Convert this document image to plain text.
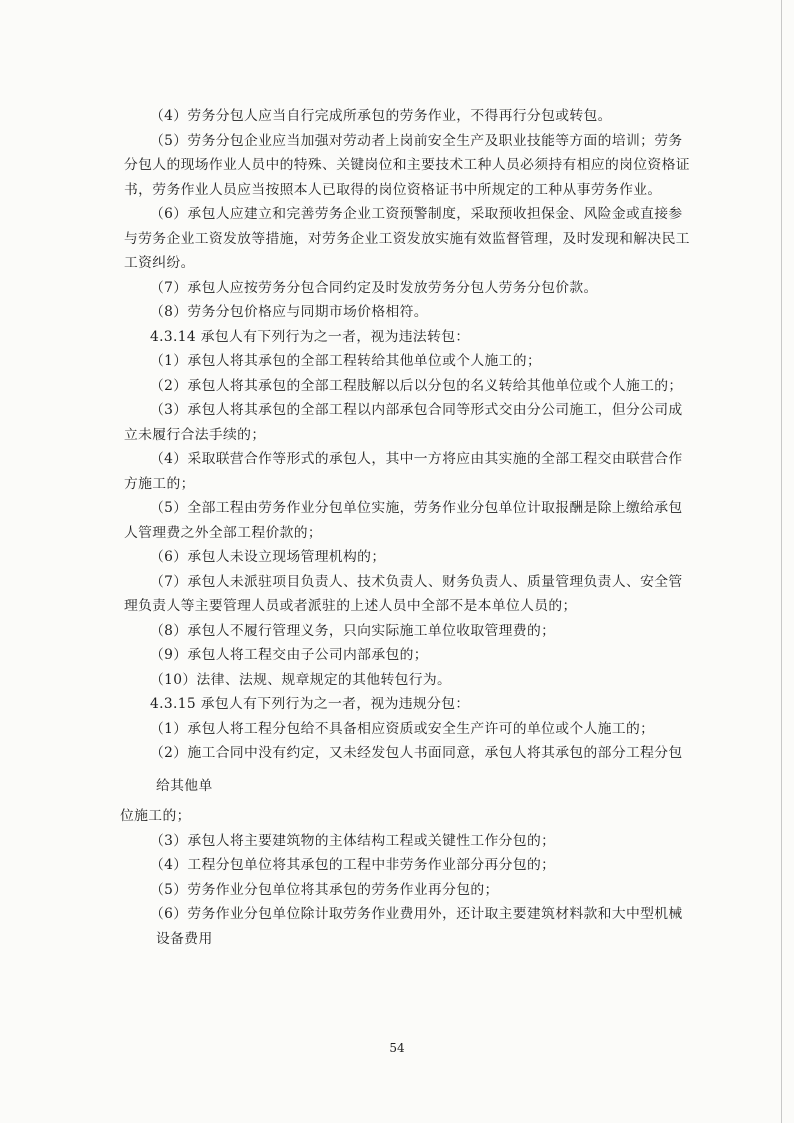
（4）劳务分包人应当自行完成所承包的劳务作业，不得再行分包或转包。
（5）劳务分包企业应当加强对劳动者上岗前安全生产及职业技能等方面的培训；劳务
分包人的现场作业人员中的特殊、关键岗位和主要技术工种人员必须持有相应的岗位资格证
书，劳务作业人员应当按照本人已取得的岗位资格证书中所规定的工种从事劳务作业。
（6）承包人应建立和完善劳务企业工资预警制度，采取预收担保金、风险金或直接参
与劳务企业工资发放等措施，对劳务企业工资发放实施有效监督管理，及时发现和解决民工
工资纠纷。
（7）承包人应按劳务分包合同约定及时发放劳务分包人劳务分包价款。
（8）劳务分包价格应与同期市场价格相符。
4.3.14 承包人有下列行为之一者，视为违法转包：
（1）承包人将其承包的全部工程转给其他单位或个人施工的；
（2）承包人将其承包的全部工程肢解以后以分包的名义转给其他单位或个人施工的；
（3）承包人将其承包的全部工程以内部承包合同等形式交由分公司施工，但分公司成
立未履行合法手续的；
（4）采取联营合作等形式的承包人，其中一方将应由其实施的全部工程交由联营合作
方施工的；
（5）全部工程由劳务作业分包单位实施，劳务作业分包单位计取报酬是除上缴给承包
人管理费之外全部工程价款的；
（6）承包人未设立现场管理机构的；
（7）承包人未派驻项目负责人、技术负责人、财务负责人、质量管理负责人、安全管
理负责人等主要管理人员或者派驻的上述人员中全部不是本单位人员的；
（8）承包人不履行管理义务，只向实际施工单位收取管理费的；
（9）承包人将工程交由子公司内部承包的；
（10）法律、法规、规章规定的其他转包行为。
4.3.15 承包人有下列行为之一者，视为违规分包：
（1）承包人将工程分包给不具备相应资质或安全生产许可的单位或个人施工的；
（2）施工合同中没有约定，又未经发包人书面同意，承包人将其承包的部分工程分包
给其他单
位施工的；
（3）承包人将主要建筑物的主体结构工程或关键性工作分包的；
（4）工程分包单位将其承包的工程中非劳务作业部分再分包的；
（5）劳务作业分包单位将其承包的劳务作业再分包的；
（6）劳务作业分包单位除计取劳务作业费用外，还计取主要建筑材料款和大中型机械
设备费用
54
